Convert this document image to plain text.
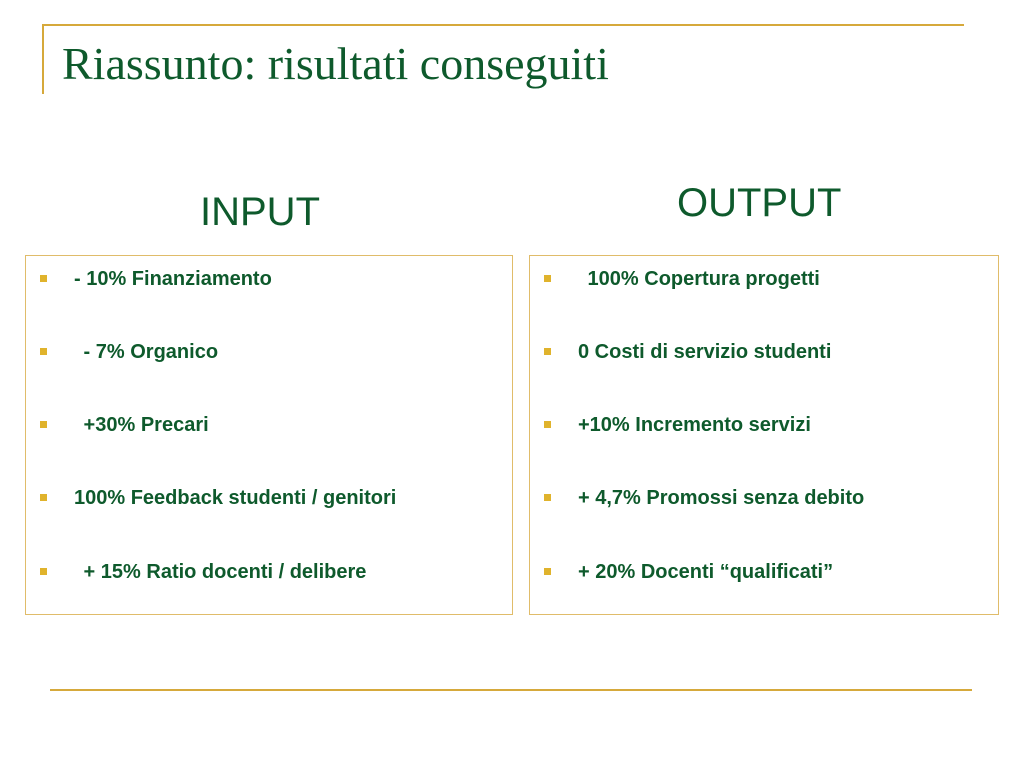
Riassunto: risultati conseguiti
INPUT	OUTPUT
- 10% Finanziamento
- 7% Organico
+30% Precari
100% Feedback studenti / genitori
+ 15% Ratio docenti / delibere
100% Copertura progetti
0 Costi di servizio studenti
+10% Incremento servizi
+ 4,7% Promossi senza debito
+ 20% Docenti “qualificati”
